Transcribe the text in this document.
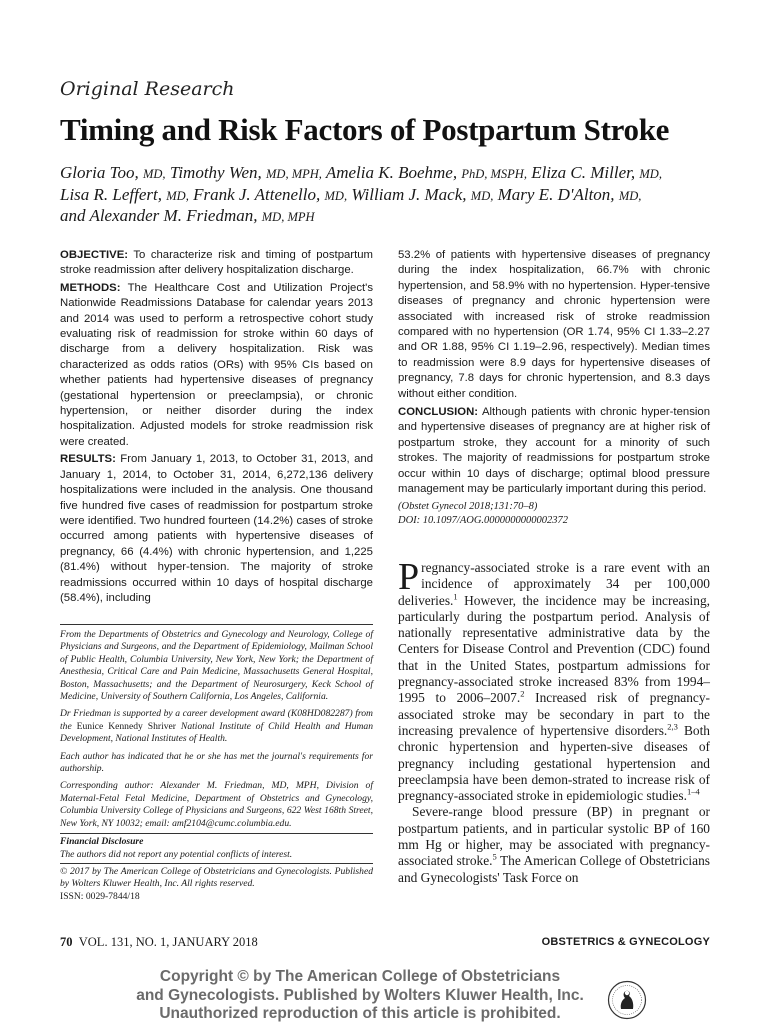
Original Research
Timing and Risk Factors of Postpartum Stroke
Gloria Too, MD, Timothy Wen, MD, MPH, Amelia K. Boehme, PhD, MSPH, Eliza C. Miller, MD,
Lisa R. Leffert, MD, Frank J. Attenello, MD, William J. Mack, MD, Mary E. D'Alton, MD,
and Alexander M. Friedman, MD, MPH

OBJECTIVE: To characterize risk and timing of postpartum stroke readmission after delivery hospitalization discharge.

METHODS: The Healthcare Cost and Utilization Project's Nationwide Readmissions Database for calendar years 2013 and 2014 was used to perform a retrospective cohort study evaluating risk of readmission for stroke within 60 days of discharge from a delivery hospitalization. Risk was characterized as odds ratios (ORs) with 95% CIs based on whether patients had hypertensive diseases of pregnancy (gestational hypertension or preeclampsia), or chronic hypertension, or neither disorder during the index hospitalization. Adjusted models for stroke readmission risk were created.

RESULTS: From January 1, 2013, to October 31, 2013, and January 1, 2014, to October 31, 2014, 6,272,136 delivery hospitalizations were included in the analysis. One thousand five hundred five cases of readmission for postpartum stroke were identified. Two hundred fourteen (14.2%) cases of stroke occurred among patients with hypertensive diseases of pregnancy, 66 (4.4%) with chronic hypertension, and 1,225 (81.4%) without hyper-tension. The majority of stroke readmissions occurred within 10 days of hospital discharge (58.4%), including

53.2% of patients with hypertensive diseases of pregnancy during the index hospitalization, 66.7% with chronic hypertension, and 58.9% with no hypertension. Hyper-tensive diseases of pregnancy and chronic hypertension were associated with increased risk of stroke readmission compared with no hypertension (OR 1.74, 95% CI 1.33–2.27 and OR 1.88, 95% CI 1.19–2.96, respectively). Median times to readmission were 8.9 days for hypertensive diseases of pregnancy, 7.8 days for chronic hypertension, and 8.3 days without either condition.

CONCLUSION: Although patients with chronic hyper-tension and hypertensive diseases of pregnancy are at higher risk of postpartum stroke, they account for a minority of such strokes. The majority of readmissions for postpartum stroke occur within 10 days of discharge; optimal blood pressure management may be particularly important during this period.

(Obstet Gynecol 2018;131:70–8)
DOI: 10.1097/AOG.0000000000002372

From the Departments of Obstetrics and Gynecology and Neurology, College of Physicians and Surgeons, and the Department of Epidemiology, Mailman School of Public Health, Columbia University, New York, New York; the Department of Anesthesia, Critical Care and Pain Medicine, Massachusetts General Hospital, Boston, Massachusetts; and the Department of Neurosurgery, Keck School of Medicine, University of Southern California, Los Angeles, California.

Dr Friedman is supported by a career development award (K08HD082287) from the Eunice Kennedy Shriver National Institute of Child Health and Human Development, National Institutes of Health.

Each author has indicated that he or she has met the journal's requirements for authorship.

Corresponding author: Alexander M. Friedman, MD, MPH, Division of Maternal-Fetal Fetal Medicine, Department of Obstetrics and Gynecology, Columbia University College of Physicians and Surgeons, 622 West 168th Street, New York, NY 10032; email: amf2104@cumc.columbia.edu.

Financial Disclosure

The authors did not report any potential conflicts of interest.

© 2017 by The American College of Obstetricians and Gynecologists. Published by Wolters Kluwer Health, Inc. All rights reserved.

ISSN: 0029-7844/18

Pregnancy-associated stroke is a rare event with an incidence of approximately 34 per 100,000 deliveries.$^1$ However, the incidence may be increasing, particularly during the postpartum period. Analysis of nationally representative administrative data by the Centers for Disease Control and Prevention (CDC) found that in the United States, postpartum admissions for pregnancy-associated stroke increased 83% from 1994–1995 to 2006–2007.$^2$ Increased risk of pregnancy-associated stroke may be secondary in part to the increasing prevalence of hypertensive disorders.$^{2,3}$ Both chronic hypertension and hyperten-sive diseases of pregnancy including gestational hypertension and preeclampsia have been demon-strated to increase risk of pregnancy-associated stroke in epidemiologic studies.$^{1-4}$

Severe-range blood pressure (BP) in pregnant or postpartum patients, and in particular systolic BP of 160 mm Hg or higher, may be associated with pregnancy-associated stroke.$^5$ The American College of Obstetricians and Gynecologists' Task Force on

70 VOL. 131, NO. 1, JANUARY 2018	OBSTETRICS & GYNECOLOGY
Copyright © by The American College of Obstetricians
and Gynecologists. Published by Wolters Kluwer Health, Inc.
Unauthorized reproduction of this article is prohibited.
